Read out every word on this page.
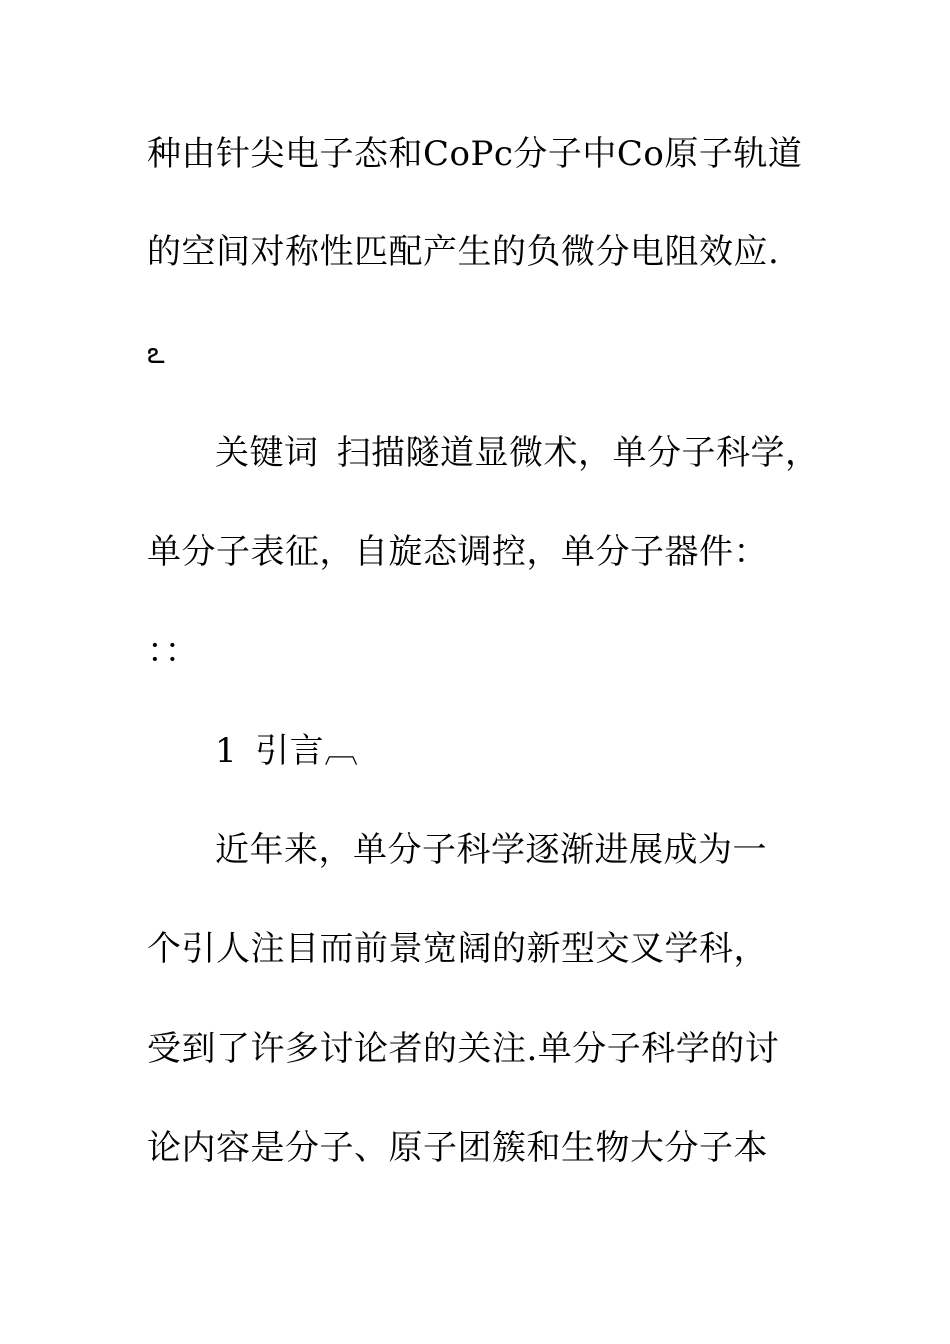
种由针尖电子态和CoPc分子中Co原子轨道
的空间对称性匹配产生的负微分电阻效应.
ఽ
关键词 扫描隧道显微术，单分子科学，
单分子表征，自旋态调控，单分子器件：
：：
1 引言︹
近年来，单分子科学逐渐进展成为一
个引人注目而前景宽阔的新型交叉学科，
受到了许多讨论者的关注.单分子科学的讨
论内容是分子、原子团簇和生物大分子本
